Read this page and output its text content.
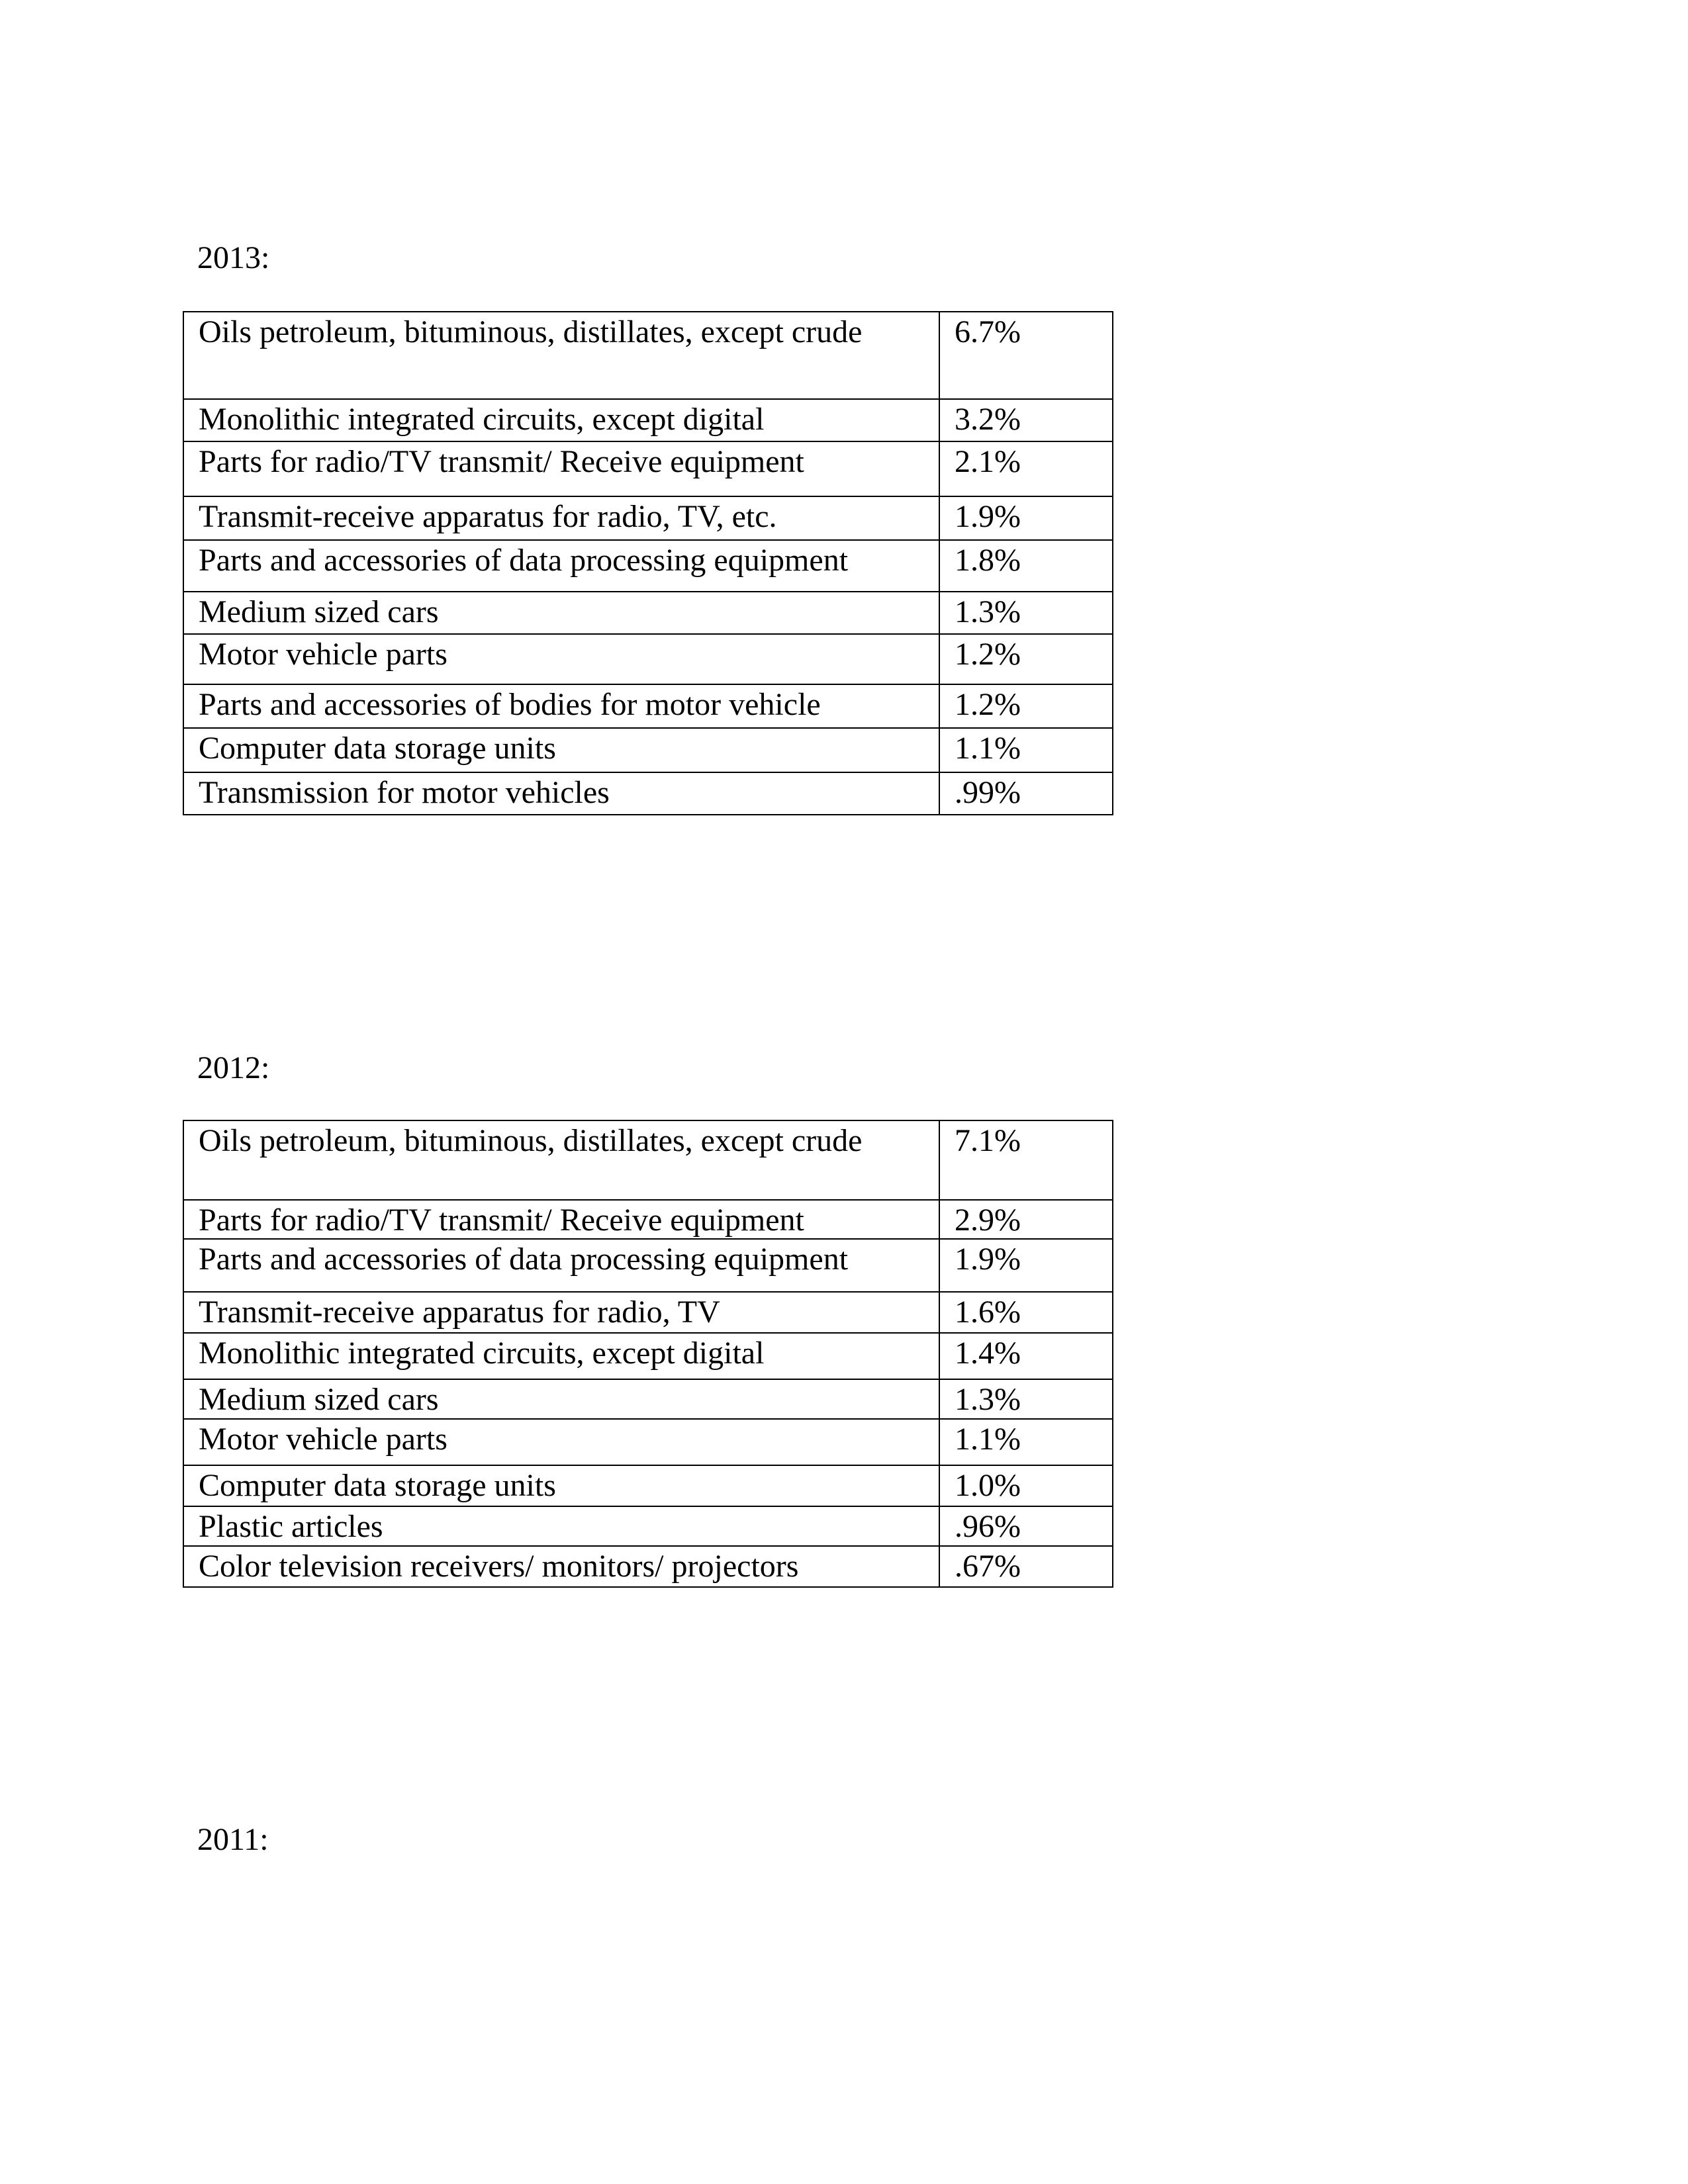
2013:
Oils petroleum, bituminous, distillates, except crude	6.7%
Monolithic integrated circuits, except digital	3.2%
Parts for radio/TV transmit/ Receive equipment	2.1%
Transmit-receive apparatus for radio, TV, etc.	1.9%
Parts and accessories of data processing equipment	1.8%
Medium sized cars	1.3%
Motor vehicle parts	1.2%
Parts and accessories of bodies for motor vehicle	1.2%
Computer data storage units	1.1%
Transmission for motor vehicles	.99%
2012:
Oils petroleum, bituminous, distillates, except crude	7.1%
Parts for radio/TV transmit/ Receive equipment	2.9%
Parts and accessories of data processing equipment	1.9%
Transmit-receive apparatus for radio, TV	1.6%
Monolithic integrated circuits, except digital	1.4%
Medium sized cars	1.3%
Motor vehicle parts	1.1%
Computer data storage units	1.0%
Plastic articles	.96%
Color television receivers/ monitors/ projectors	.67%
2011:
